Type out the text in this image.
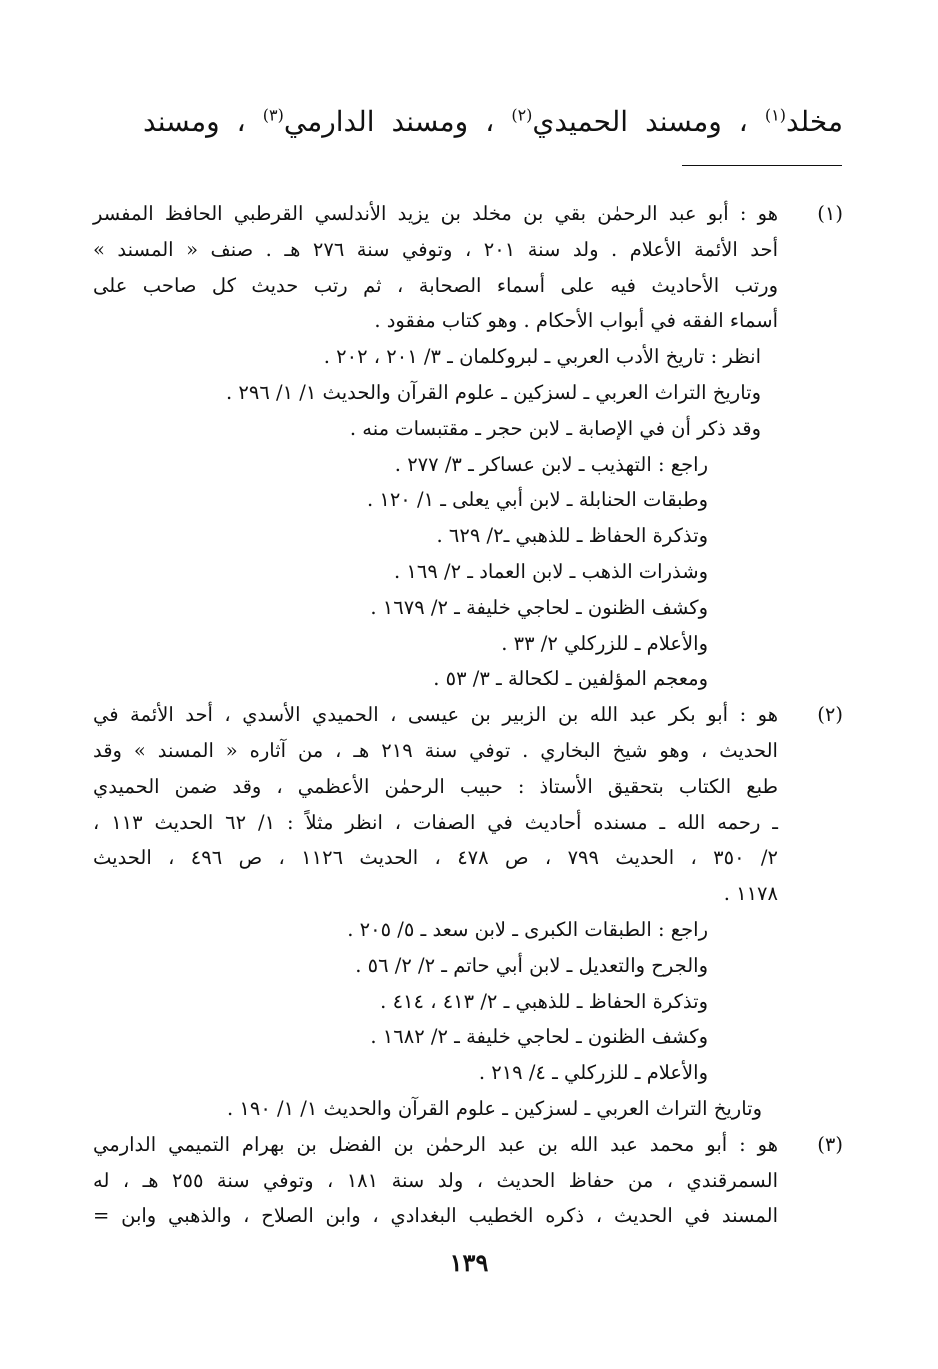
مخلد$^{(١)}$ ، ومسند الحميدي$^{(٢)}$ ، ومسند الدارمي$^{(٣)}$ ، ومسند
(١)
هو : أبو عبد الرحمٰن بقي بن مخلد بن يزيد الأندلسي القرطبي الحافظ المفسر
أحد الأئمة الأعلام . ولد سنة ٢٠١ ، وتوفي سنة ٢٧٦ هـ . صنف « المسند »
ورتب الأحاديث فيه على أسماء الصحابة ، ثم رتب حديث كل صاحب على
أسماء الفقه في أبواب الأحكام . وهو كتاب مفقود .
انظر : تاريخ الأدب العربي ـ لبروكلمان ـ ٣/ ٢٠١ ، ٢٠٢ .
وتاريخ التراث العربي ـ لسزكين ـ علوم القرآن والحديث ١/ ١/ ٢٩٦ .
وقد ذكر أن في الإصابة ـ لابن حجر ـ مقتبسات منه .
راجع : التهذيب ـ لابن عساكر ـ ٣/ ٢٧٧ .
وطبقات الحنابلة ـ لابن أبي يعلى ـ ١/ ١٢٠ .
وتذكرة الحفاظ ـ للذهبي ـ٢/ ٦٢٩ .
وشذرات الذهب ـ لابن العماد ـ ٢/ ١٦٩ .
وكشف الظنون ـ لحاجي خليفة ـ ٢/ ١٦٧٩ .
والأعلام ـ للزركلي ٢/ ٣٣ .
ومعجم المؤلفين ـ لكحالة ـ ٣/ ٥٣ .
(٢)
هو : أبو بكر عبد الله بن الزبير بن عيسى ، الحميدي الأسدي ، أحد الأئمة في
الحديث ، وهو شيخ البخاري . توفي سنة ٢١٩ هـ ، من آثاره « المسند » وقد
طبع الكتاب بتحقيق الأستاذ : حبيب الرحمٰن الأعظمي ، وقد ضمن الحميدي
ـ رحمه الله ـ مسنده أحاديث في الصفات ، انظر مثلاً : ١/ ٦٢ الحديث ١١٣ ،
٢/ ٣٥٠ ، الحديث ٧٩٩ ، ص ٤٧٨ ، الحديث ١١٢٦ ، ص ٤٩٦ ، الحديث
١١٧٨ .
راجع : الطبقات الكبرى ـ لابن سعد ـ ٥/ ٢٠٥ .
والجرح والتعديل ـ لابن أبي حاتم ـ ٢/ ٢/ ٥٦ .
وتذكرة الحفاظ ـ للذهبي ـ ٢/ ٤١٣ ، ٤١٤ .
وكشف الظنون ـ لحاجي خليفة ـ ٢/ ١٦٨٢ .
والأعلام ـ للزركلي ـ ٤/ ٢١٩ .
وتاريخ التراث العربي ـ لسزكين ـ علوم القرآن والحديث ١/ ١/ ١٩٠ .
(٣)
هو : أبو محمد عبد الله بن عبد الرحمٰن بن الفضل بن بهرام التميمي الدارمي
السمرقندي ، من حفاظ الحديث ، ولد سنة ١٨١ ، وتوفي سنة ٢٥٥ هـ ، له
المسند في الحديث ، ذكره الخطيب البغدادي ، وابن الصلاح ، والذهبي وابن =
١٣٩
